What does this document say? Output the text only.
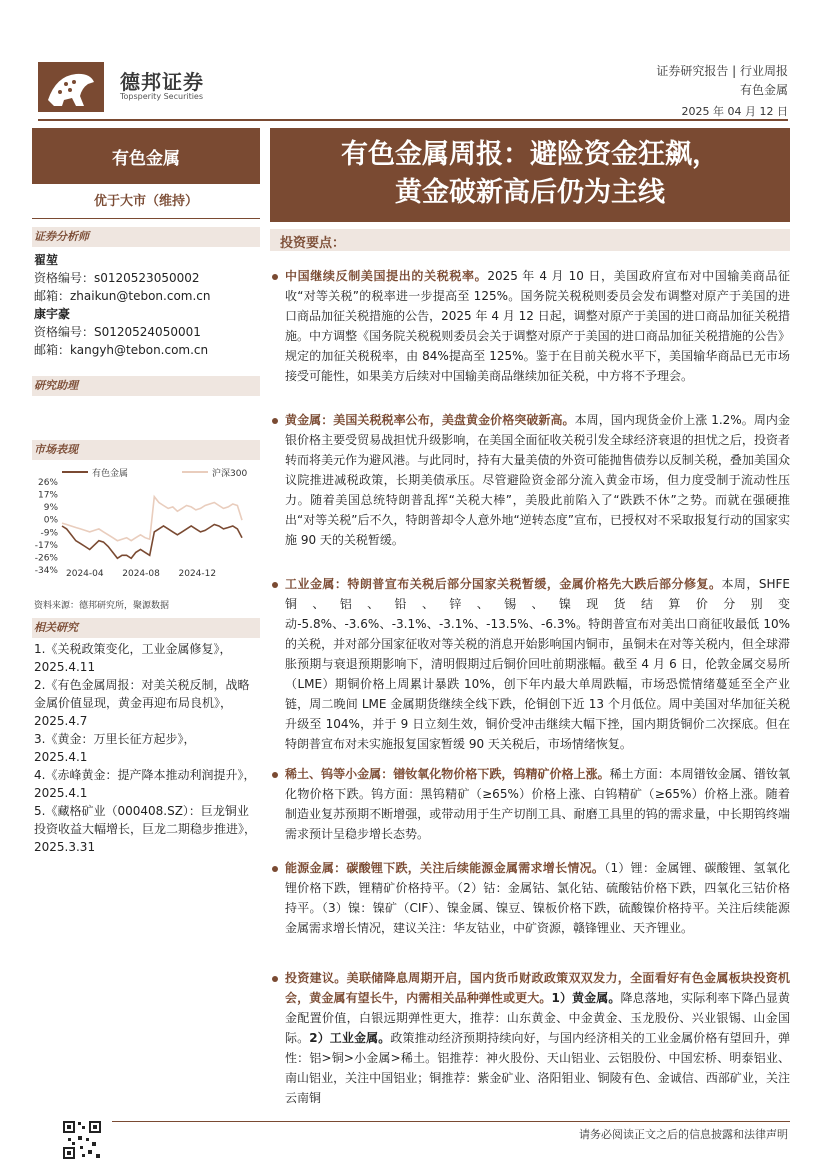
德邦证券
Topsperity Securities
证券研究报告 | 行业周报
有色金属
2025 年 04 月 12 日
有色金属
优于大市（维持）
证券分析师
翟堃
资格编号：s0120523050002
邮箱：zhaikun@tebon.com.cn
康宇豪
资格编号：S0120524050001
邮箱：kangyh@tebon.com.cn
研究助理
市场表现
有色金属	沪深300
26%
17%
9%
0%
-9%
-17%
-26%
-34% 2024-04 2024-08 2024-12
资料来源：德邦研究所，聚源数据
相关研究
1.《关税政策变化，工业金属修复》，
2025.4.11
2.《有色金属周报：对美关税反制，战略金属价值显现，黄金再迎布局良机》，2025.4.7
3.《黄金：万里长征方起步》，
2025.4.1
4.《赤峰黄金：提产降本推动利润提升》，2025.4.1
5.《藏格矿业（000408.SZ）：巨龙铜业投资收益大幅增长，巨龙二期稳步推进》，2025.3.31
有色金属周报：避险资金狂飙，
黄金破新高后仍为主线
投资要点：
中国继续反制美国提出的关税税率。2025 年 4 月 10 日，美国政府宣布对中国输美商品征收“对等关税”的税率进一步提高至 125%。国务院关税税则委员会发布调整对原产于美国的进口商品加征关税措施的公告，2025 年 4 月 12 日起，调整对原产于美国的进口商品加征关税措施。中方调整《国务院关税税则委员会关于调整对原产于美国的进口商品加征关税措施的公告》规定的加征关税税率，由 84%提高至 125%。鉴于在目前关税水平下，美国输华商品已无市场接受可能性，如果美方后续对中国输美商品继续加征关税，中方将不予理会。
黄金属：美国关税税率公布，美盘黄金价格突破新高。本周，国内现货金价上涨 1.2%。周内金银价格主要受贸易战担忧升级影响，在美国全面征收关税引发全球经济衰退的担忧之后，投资者转而将美元作为避风港。与此同时，持有大量美债的外资可能抛售债券以反制关税，叠加美国众议院推进减税政策，长期美债承压。尽管避险资金部分流入黄金市场，但力度受制于流动性压力。随着美国总统特朗普乱挥“关税大棒”，美股此前陷入了“跌跌不休”之势。而就在强硬推出“对等关税”后不久，特朗普却令人意外地“逆转态度”宣布，已授权对不采取报复行动的国家实施 90 天的关税暂缓。
工业金属：特朗普宣布关税后部分国家关税暂缓，金属价格先大跌后部分修复。本周，SHFE 铜、铝、铅、锌、锡、镍现货结算价分别变动-5.8%、-3.6%、-3.1%、-3.1%、-13.5%、-6.3%。特朗普宣布对美出口商征收最低 10%的关税，并对部分国家征收对等关税的消息开始影响国内铜市，虽铜未在对等关税内，但全球滞胀预期与衰退预期影响下，清明假期过后铜价回吐前期涨幅。截至 4 月 6 日，伦敦金属交易所（LME）期铜价格上周累计暴跌 10%，创下年内最大单周跌幅，市场恐慌情绪蔓延至全产业链，周二晚间 LME 金属期货继续全线下跌，伦铜创下近 13 个月低位。周中美国对华加征关税升级至 104%，并于 9 日立刻生效，铜价受冲击继续大幅下挫，国内期货铜价二次探底。但在特朗普宣布对未实施报复国家暂缓 90 天关税后，市场情绪恢复。
稀土、钨等小金属：镨钕氧化物价格下跌，钨精矿价格上涨。稀土方面：本周镨钕金属、镨钕氧化物价格下跌。钨方面：黑钨精矿（≥65%）价格上涨、白钨精矿（≥65%）价格上涨。随着制造业复苏预期不断增强，或带动用于生产切削工具、耐磨工具里的钨的需求量，中长期钨终端需求预计呈稳步增长态势。
能源金属：碳酸锂下跌，关注后续能源金属需求增长情况。（1）锂：金属锂、碳酸锂、氢氧化锂价格下跌，锂精矿价格持平。（2）钴：金属钴、氯化钴、硫酸钴价格下跌，四氧化三钴价格持平。（3）镍：镍矿（CIF）、镍金属、镍豆、镍板价格下跌，硫酸镍价格持平。关注后续能源金属需求增长情况，建议关注：华友钴业，中矿资源，赣锋锂业、天齐锂业。
投资建议。美联储降息周期开启，国内货币财政政策双双发力，全面看好有色金属板块投资机会，黄金属有望长牛，内需相关品种弹性或更大。1）黄金属。降息落地，实际利率下降凸显黄金配置价值，白银远期弹性更大，推荐：山东黄金、中金黄金、玉龙股份、兴业银锡、山金国际。2）工业金属。政策推动经济预期持续向好，与国内经济相关的工业金属价格有望回升，弹性：铝>铜>小金属>稀土。铝推荐：神火股份、天山铝业、云铝股份、中国宏桥、明泰铝业、南山铝业，关注中国铝业；铜推荐：紫金矿业、洛阳钼业、铜陵有色、金诚信、西部矿业，关注云南铜
请务必阅读正文之后的信息披露和法律声明
